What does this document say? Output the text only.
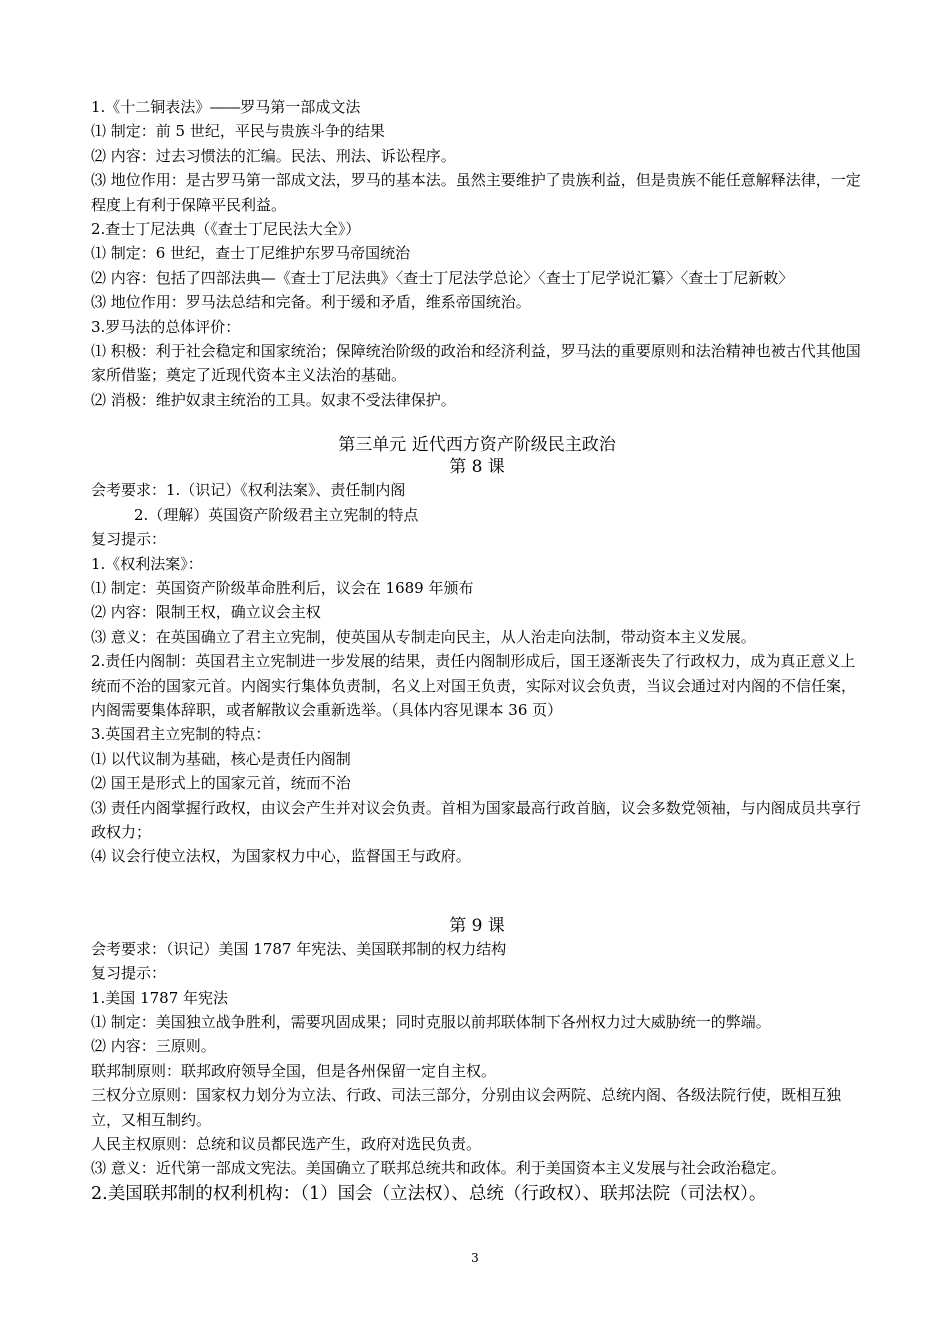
1.《十二铜表法》――罗马第一部成文法
⑴ 制定：前 5 世纪，平民与贵族斗争的结果
⑵ 内容：过去习惯法的汇编。民法、刑法、诉讼程序。
⑶ 地位作用：是古罗马第一部成文法，罗马的基本法。虽然主要维护了贵族利益，但是贵族不能任意解释法律，一定程度上有利于保障平民利益。
2.查士丁尼法典（《查士丁尼民法大全》）
⑴ 制定：6 世纪，查士丁尼维护东罗马帝国统治
⑵ 内容：包括了四部法典—《查士丁尼法典》〈查士丁尼法学总论〉〈查士丁尼学说汇纂〉〈查士丁尼新敕〉
⑶ 地位作用：罗马法总结和完备。利于缓和矛盾，维系帝国统治。
3.罗马法的总体评价：
⑴ 积极：利于社会稳定和国家统治；保障统治阶级的政治和经济利益，罗马法的重要原则和法治精神也被古代其他国家所借鉴；奠定了近现代资本主义法治的基础。
⑵ 消极：维护奴隶主统治的工具。奴隶不受法律保护。
第三单元 近代西方资产阶级民主政治
第 8 课
会考要求：1.（识记）《权利法案》、责任制内阁
2.（理解）英国资产阶级君主立宪制的特点
复习提示：
1.《权利法案》：
⑴ 制定：英国资产阶级革命胜利后，议会在 1689 年颁布
⑵ 内容：限制王权，确立议会主权
⑶ 意义：在英国确立了君主立宪制，使英国从专制走向民主，从人治走向法制，带动资本主义发展。
2.责任内阁制：英国君主立宪制进一步发展的结果，责任内阁制形成后，国王逐渐丧失了行政权力，成为真正意义上统而不治的国家元首。内阁实行集体负责制，名义上对国王负责，实际对议会负责，当议会通过对内阁的不信任案，内阁需要集体辞职，或者解散议会重新选举。（具体内容见课本 36 页）
3.英国君主立宪制的特点：
⑴ 以代议制为基础，核心是责任内阁制
⑵ 国王是形式上的国家元首，统而不治
⑶ 责任内阁掌握行政权，由议会产生并对议会负责。首相为国家最高行政首脑，议会多数党领袖，与内阁成员共享行政权力；
⑷ 议会行使立法权，为国家权力中心，监督国王与政府。
第 9 课
会考要求：（识记）美国 1787 年宪法、美国联邦制的权力结构
复习提示：
1.美国 1787 年宪法
⑴ 制定：美国独立战争胜利，需要巩固成果；同时克服以前邦联体制下各州权力过大威胁统一的弊端。
⑵ 内容：三原则。
联邦制原则：联邦政府领导全国，但是各州保留一定自主权。
三权分立原则：国家权力划分为立法、行政、司法三部分，分别由议会两院、总统内阁、各级法院行使，既相互独立，又相互制约。
人民主权原则：总统和议员都民选产生，政府对选民负责。
⑶ 意义：近代第一部成文宪法。美国确立了联邦总统共和政体。利于美国资本主义发展与社会政治稳定。
2.美国联邦制的权利机构：（1）国会（立法权）、总统（行政权）、联邦法院（司法权）。
3
